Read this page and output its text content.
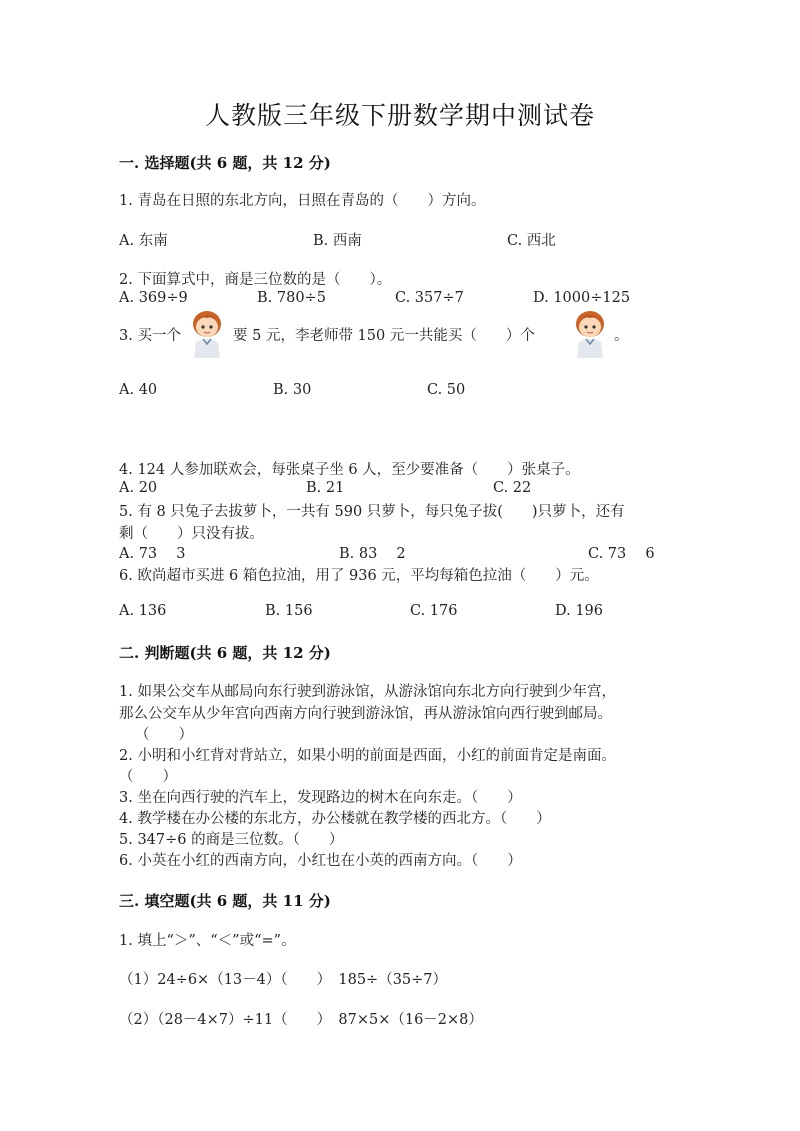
人教版三年级下册数学期中测试卷
一. 选择题(共 6 题，共 12 分)
1. 青岛在日照的东北方向，日照在青岛的（　　）方向。
A. 东南	B. 西南	C. 西北
2. 下面算式中，商是三位数的是（　　）。
A. 369÷9	B. 780÷5	C. 357÷7	D. 1000÷125
3. 买一个	要 5 元，李老师带 150 元一共能买（　　）个	。
A. 40	B. 30	C. 50
4. 124 人参加联欢会，每张桌子坐 6 人，至少要准备（　　）张桌子。
A. 20	B. 21	C. 22
5. 有 8 只兔子去拔萝卜，一共有 590 只萝卜，每只兔子拔(　　)只萝卜，还有
剩（　　）只没有拔。
A. 73　 3	B. 83　 2	C. 73　 6
6. 欧尚超市买进 6 箱色拉油，用了 936 元，平均每箱色拉油（　　）元。
A. 136	B. 156	C. 176	D. 196
二. 判断题(共 6 题，共 12 分)
1. 如果公交车从邮局向东行驶到游泳馆，从游泳馆向东北方向行驶到少年宫，
那么公交车从少年宫向西南方向行驶到游泳馆，再从游泳馆向西行驶到邮局。
（　　）
2. 小明和小红背对背站立，如果小明的前面是西面，小红的前面肯定是南面。
（　　）
3. 坐在向西行驶的汽车上，发现路边的树木在向东走。（　　）
4. 教学楼在办公楼的东北方，办公楼就在教学楼的西北方。（　　）
5. 347÷6 的商是三位数。（　　）
6. 小英在小红的西南方向，小红也在小英的西南方向。（　　）
三. 填空题(共 6 题，共 11 分)
1. 填上“＞”、“＜”或“=”。
（1）24÷6×（13－4）（　　）　185÷（35÷7）
（2）（28－4×7）÷11（　　）　87×5×（16－2×8）
